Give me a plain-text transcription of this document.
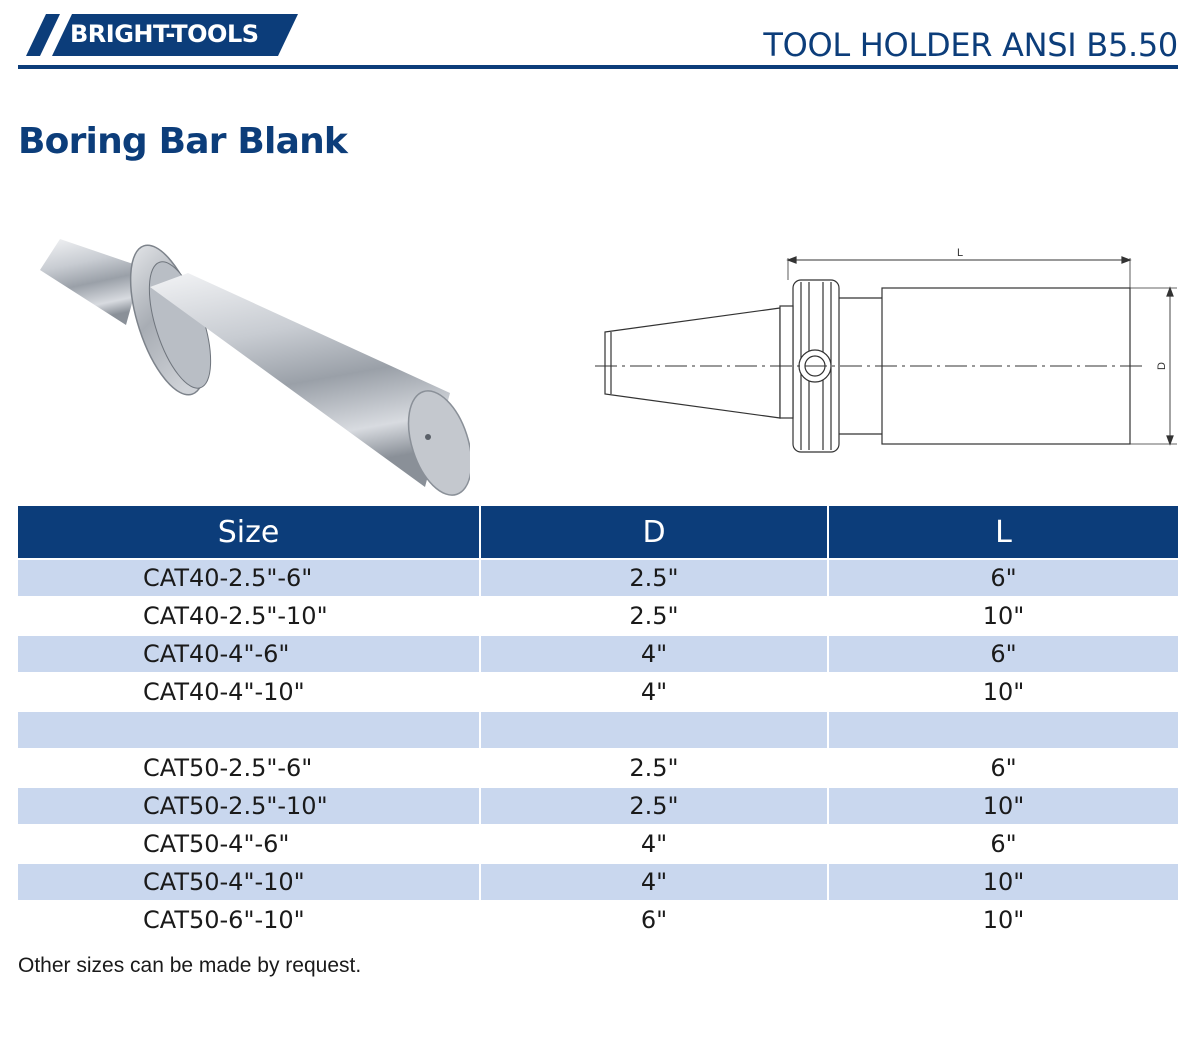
BRIGHT-TOOLS	TOOL HOLDER ANSI B5.50
Boring Bar Blank
L
D
Size	D	L
CAT40-2.5"-6"	2.5"	6"
CAT40-2.5"-10"	2.5"	10"
CAT40-4"-6"	4"	6"
CAT40-4"-10"	4"	10"

CAT50-2.5"-6"	2.5"	6"
CAT50-2.5"-10"	2.5"	10"
CAT50-4"-6"	4"	6"
CAT50-4"-10"	4"	10"
CAT50-6"-10"	6"	10"
Other sizes can be made by request.
